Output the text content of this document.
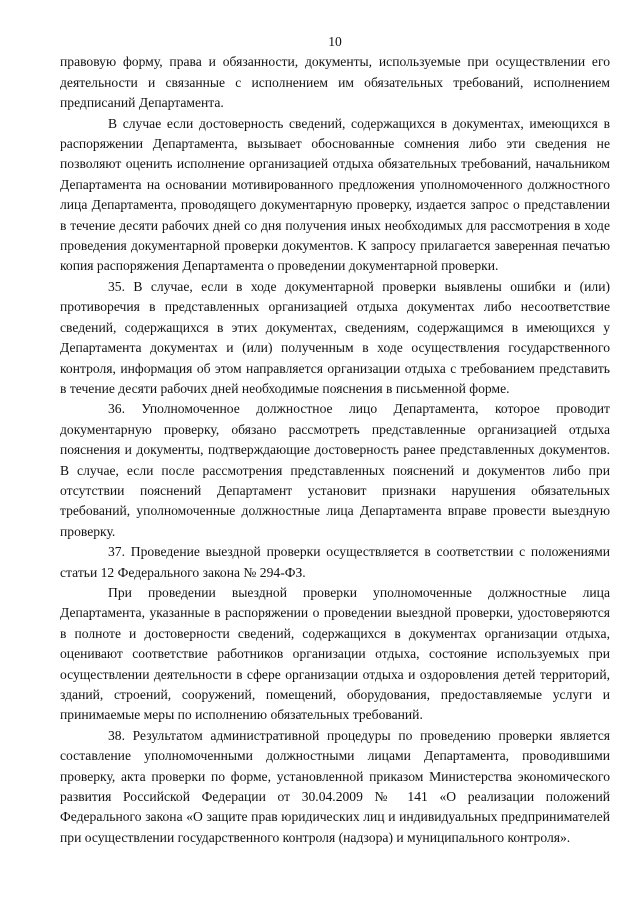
10

правовую форму, права и обязанности, документы, используемые при осуществлении его деятельности и связанные с исполнением им обязательных требований, исполнением предписаний Департамента.

В случае если достоверность сведений, содержащихся в документах, имеющихся в распоряжении Департамента, вызывает обоснованные сомнения либо эти сведения не позволяют оценить исполнение организацией отдыха обязательных требований, начальником Департамента на основании мотивированного предложения уполномоченного должностного лица Департамента, проводящего документарную проверку, издается запрос о представлении в течение десяти рабочих дней со дня получения иных необходимых для рассмотрения в ходе проведения документарной проверки документов. К запросу прилагается заверенная печатью копия распоряжения Департамента о проведении документарной проверки.

35. В случае, если в ходе документарной проверки выявлены ошибки и (или) противоречия в представленных организацией отдыха документах либо несоответствие сведений, содержащихся в этих документах, сведениям, содержащимся в имеющихся у Департамента документах и (или) полученным в ходе осуществления государственного контроля, информация об этом направляется организации отдыха с требованием представить в течение десяти рабочих дней необходимые пояснения в письменной форме.

36. Уполномоченное должностное лицо Департамента, которое проводит документарную проверку, обязано рассмотреть представленные организацией отдыха пояснения и документы, подтверждающие достоверность ранее представленных документов. В случае, если после рассмотрения представленных пояснений и документов либо при отсутствии пояснений Департамент установит признаки нарушения обязательных требований, уполномоченные должностные лица Департамента вправе провести выездную проверку.

37. Проведение выездной проверки осуществляется в соответствии с положениями статьи 12 Федерального закона № 294-ФЗ.

При проведении выездной проверки уполномоченные должностные лица Департамента, указанные в распоряжении о проведении выездной проверки, удостоверяются в полноте и достоверности сведений, содержащихся в документах организации отдыха, оценивают соответствие работников организации отдыха, состояние используемых при осуществлении деятельности в сфере организации отдыха и оздоровления детей территорий, зданий, строений, сооружений, помещений, оборудования, предоставляемые услуги и принимаемые меры по исполнению обязательных требований.

38. Результатом административной процедуры по проведению проверки является составление уполномоченными должностными лицами Департамента, проводившими проверку, акта проверки по форме, установленной приказом Министерства экономического развития Российской Федерации от 30.04.2009 № 141 «О реализации положений Федерального закона «О защите прав юридических лиц и индивидуальных предпринимателей при осуществлении государственного контроля (надзора) и муниципального контроля».
